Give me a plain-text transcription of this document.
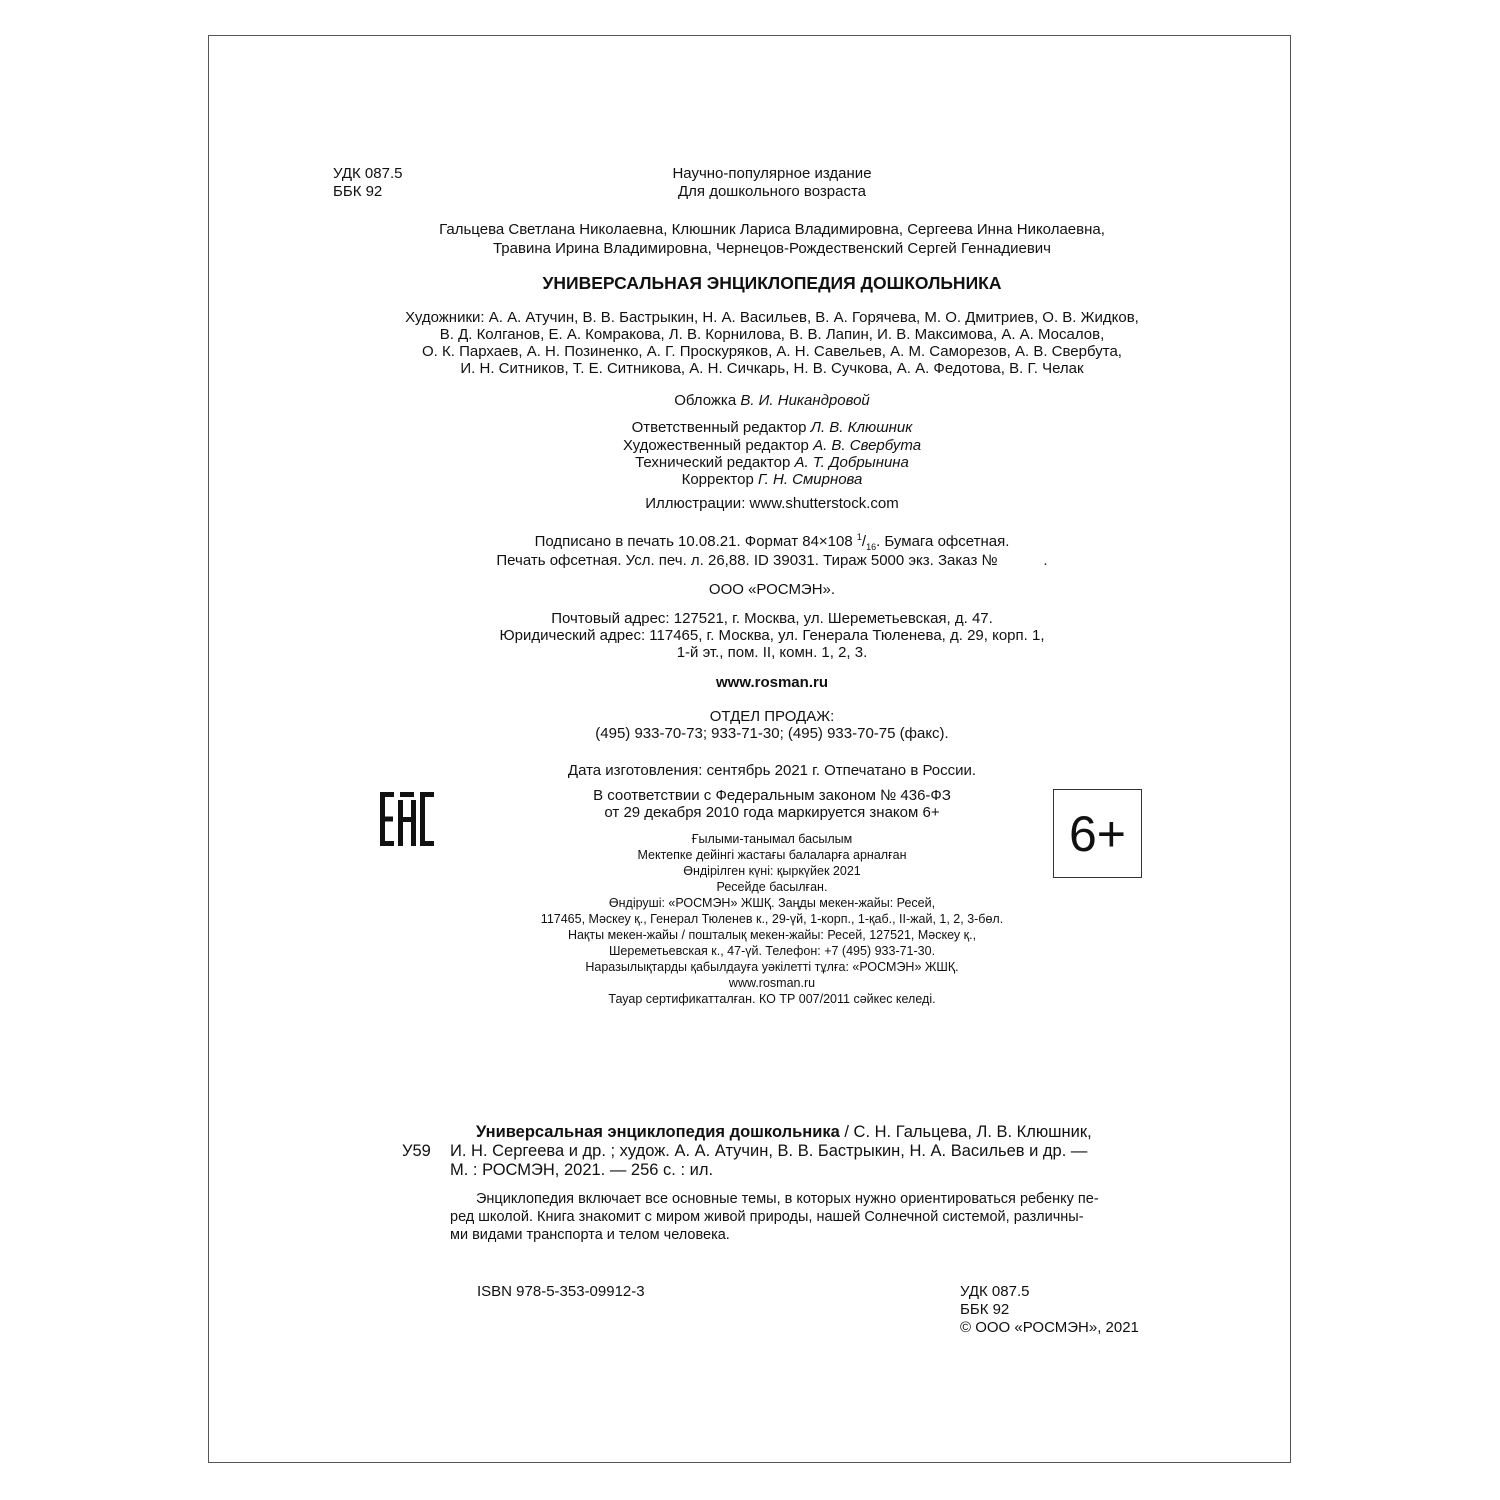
УДК 087.5
ББК 92
Научно-популярное издание
Для дошкольного возраста
Гальцева Светлана Николаевна, Клюшник Лариса Владимировна, Сергеева Инна Николаевна,
Травина Ирина Владимировна, Чернецов-Рождественский Сергей Геннадиевич
УНИВЕРСАЛЬНАЯ ЭНЦИКЛОПЕДИЯ ДОШКОЛЬНИКА
Художники: А. А. Атучин, В. В. Бастрыкин, Н. А. Васильев, В. А. Горячева, М. О. Дмитриев, О. В. Жидков,
В. Д. Колганов, Е. А. Комракова, Л. В. Корнилова, В. В. Лапин, И. В. Максимова, А. А. Мосалов,
О. К. Пархаев, А. Н. Позиненко, А. Г. Проскуряков, А. Н. Савельев, А. М. Саморезов, А. В. Свербута,
И. Н. Ситников, Т. Е. Ситникова, А. Н. Сичкарь, Н. В. Сучкова, А. А. Федотова, В. Г. Челак
Обложка В. И. Никандровой
Ответственный редактор Л. В. Клюшник
Художественный редактор А. В. Свербута
Технический редактор А. Т. Добрынина
Корректор Г. Н. Смирнова
Иллюстрации: www.shutterstock.com
Подписано в печать 10.08.21. Формат 84×108 $^1/_{16}$. Бумага офсетная.
Печать офсетная. Усл. печ. л. 26,88. ID 39031. Тираж 5000 экз. Заказ №           .
ООО «РОСМЭН».
Почтовый адрес: 127521, г. Москва, ул. Шереметьевская, д. 47.
Юридический адрес: 117465, г. Москва, ул. Генерала Тюленева, д. 29, корп. 1,
1-й эт., пом. II, комн. 1, 2, 3.
www.rosman.ru
ОТДЕЛ ПРОДАЖ:
(495) 933-70-73; 933-71-30; (495) 933-70-75 (факс).
Дата изготовления: сентябрь 2021 г. Отпечатано в России.
В соответствии с Федеральным законом № 436-ФЗ
от 29 декабря 2010 года маркируется знаком 6+	6+
Ғылыми-танымал басылым
Мектепке дейінгі жастағы балаларға арналған
Өндірілген күні: қыркүйек 2021
Ресейде басылған.
Өндіруші: «РОСМЭН» ЖШҚ. Заңды мекен-жайы: Ресей,
117465, Мәскеу қ., Генерал Тюленев к., 29-үй, 1-корп., 1-қаб., ІІ-жай, 1, 2, 3-бөл.
Нақты мекен-жайы / пошталық мекен-жайы: Ресей, 127521, Мәскеу қ.,
Шереметьевская к., 47-үй. Телефон: +7 (495) 933-71-30.
Наразылықтарды қабылдауға уәкілетті тұлға: «РОСМЭН» ЖШҚ.
www.rosman.ru
Тауар сертификатталған. КО ТР 007/2011 сәйкес келеді.
У59
Универсальная энциклопедия дошкольника / С. Н. Гальцева, Л. В. Клюшник,
И. Н. Сергеева и др. ; худож. А. А. Атучин, В. В. Бастрыкин, Н. А. Васильев и др. —
М. : РОСМЭН, 2021. — 256 с. : ил.
Энциклопедия включает все основные темы, в которых нужно ориентироваться ребенку пе-
ред школой. Книга знакомит с миром живой природы, нашей Солнечной системой, различны-
ми видами транспорта и телом человека.
ISBN 978-5-353-09912-3	УДК 087.5
ББК 92
© ООО «РОСМЭН», 2021
